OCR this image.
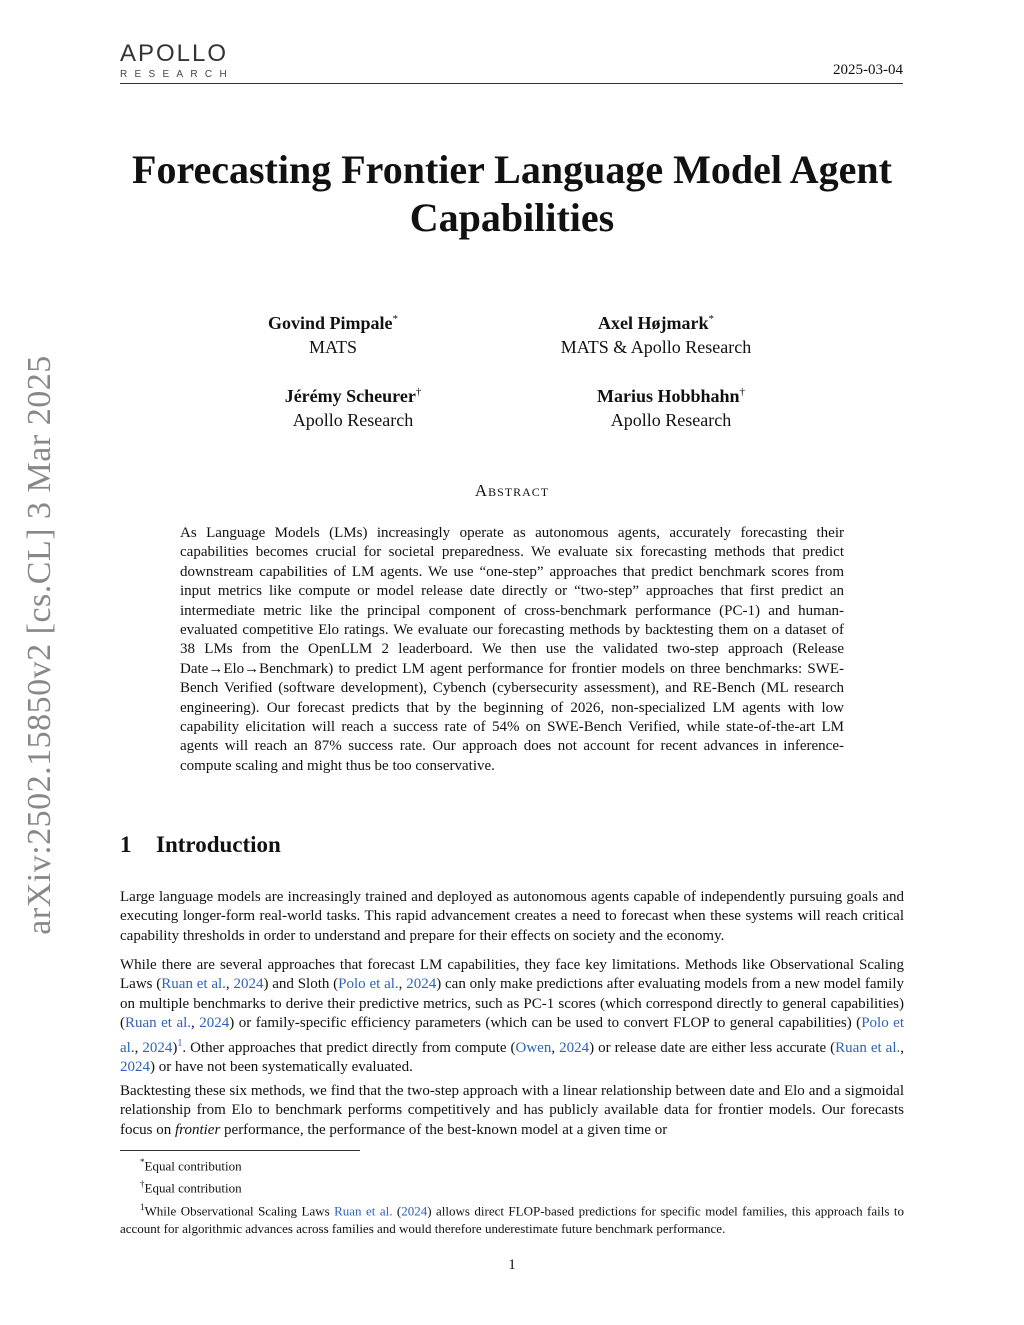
APOLLO
RESEARCH	2025-03-04
arXiv:2502.15850v2 [cs.CL] 3 Mar 2025
Forecasting Frontier Language Model Agent
Capabilities
Govind Pimpale*
MATS
Axel Højmark*
MATS & Apollo Research
Jérémy Scheurer†
Apollo Research
Marius Hobbhahn†
Apollo Research
Abstract

As Language Models (LMs) increasingly operate as autonomous agents, accurately forecasting their capabilities becomes crucial for societal preparedness. We evaluate six forecasting methods that predict downstream capabilities of LM agents. We use “one-step” approaches that predict benchmark scores from input metrics like compute or model release date directly or “two-step” approaches that first predict an intermediate metric like the principal component of cross-benchmark performance (PC-1) and human-evaluated competitive Elo ratings. We evaluate our forecasting methods by backtesting them on a dataset of 38 LMs from the OpenLLM 2 leaderboard. We then use the validated two-step approach (Release Date→Elo→Benchmark) to predict LM agent performance for frontier models on three benchmarks: SWE-Bench Verified (software development), Cybench (cybersecurity assessment), and RE-Bench (ML research engineering). Our forecast predicts that by the beginning of 2026, non-specialized LM agents with low capability elicitation will reach a success rate of 54% on SWE-Bench Verified, while state-of-the-art LM agents will reach an 87% success rate. Our approach does not account for recent advances in inference-compute scaling and might thus be too conservative.

1 Introduction

Large language models are increasingly trained and deployed as autonomous agents capable of independently pursuing goals and executing longer-form real-world tasks. This rapid advancement creates a need to forecast when these systems will reach critical capability thresholds in order to understand and prepare for their effects on society and the economy.

While there are several approaches that forecast LM capabilities, they face key limitations. Methods like Observational Scaling Laws (Ruan et al., 2024) and Sloth (Polo et al., 2024) can only make predictions after evaluating models from a new model family on multiple benchmarks to derive their predictive metrics, such as PC-1 scores (which correspond directly to general capabilities) (Ruan et al., 2024) or family-specific efficiency parameters (which can be used to convert FLOP to general capabilities) (Polo et al., 2024)$^1$. Other approaches that predict directly from compute (Owen, 2024) or release date are either less accurate (Ruan et al., 2024) or have not been systematically evaluated.

Backtesting these six methods, we find that the two-step approach with a linear relationship between date and Elo and a sigmoidal relationship from Elo to benchmark performs competitively and has publicly available data for frontier models. Our forecasts focus on frontier performance, the performance of the best-known model at a given time or

*Equal contribution

†Equal contribution

$^1$While Observational Scaling Laws Ruan et al. (2024) allows direct FLOP-based predictions for specific model families, this approach fails to account for algorithmic advances across families and would therefore underestimate future benchmark performance.

1
